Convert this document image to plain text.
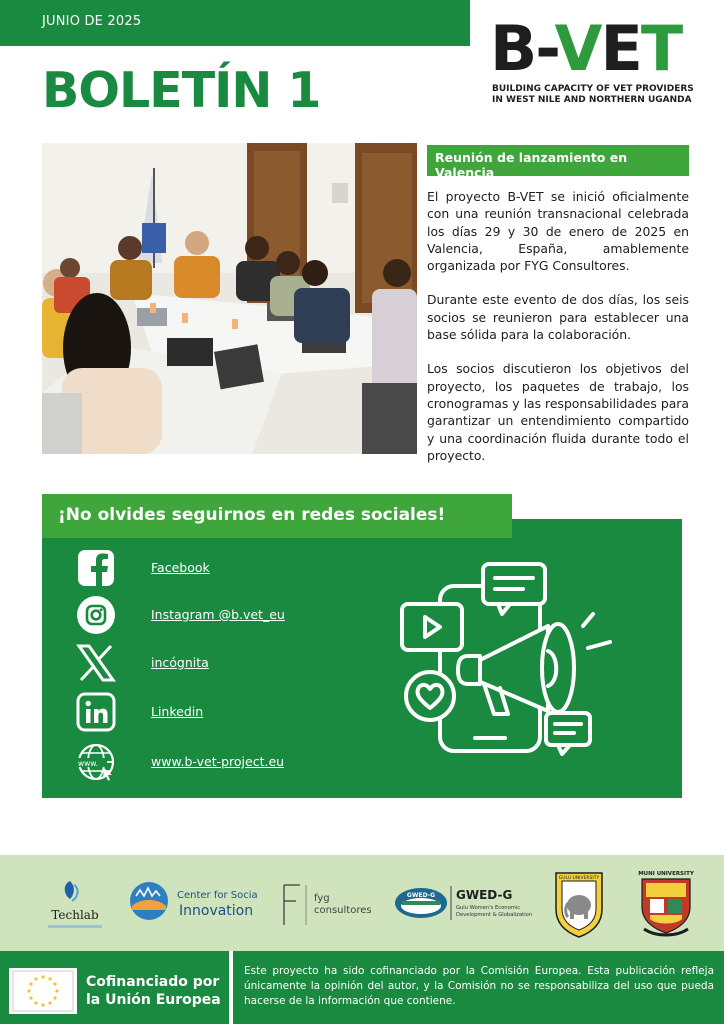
JUNIO DE 2025
BOLETÍN 1
B-VET
BUILDING CAPACITY OF VET PROVIDERS
IN WEST NILE AND NORTHERN UGANDA
Reunión de lanzamiento en Valencia

El proyecto B-VET se inició oficialmente con una reunión transnacional celebrada los días 29 y 30 de enero de 2025 en Valencia, España, amablemente organizada por FYG Consultores.

Durante este evento de dos días, los seis socios se reunieron para establecer una base sólida para la colaboración.

Los socios discutieron los objetivos del proyecto, los paquetes de trabajo, los cronogramas y las responsabilidades para garantizar un entendimiento compartido y una coordinación fluida durante todo el proyecto.

¡No olvides seguirnos en redes sociales!
Facebook
Instagram @b.vet_eu
incógnita
Linkedin
www.	www.b-vet-project.eu
Techlab
Center for Social
Innovation
fyg
consultores
GWED-G GWED-G
Gulu Women's Economic
Development & Globalization
GULU UNIVERSITY
MUNI UNIVERSITY
Cofinanciado por
la Unión Europea
Este proyecto ha sido cofinanciado por la Comisión Europea. Esta publicación refleja únicamente la opinión del autor, y la Comisión no se responsabiliza del uso que pueda hacerse de la información que contiene.
